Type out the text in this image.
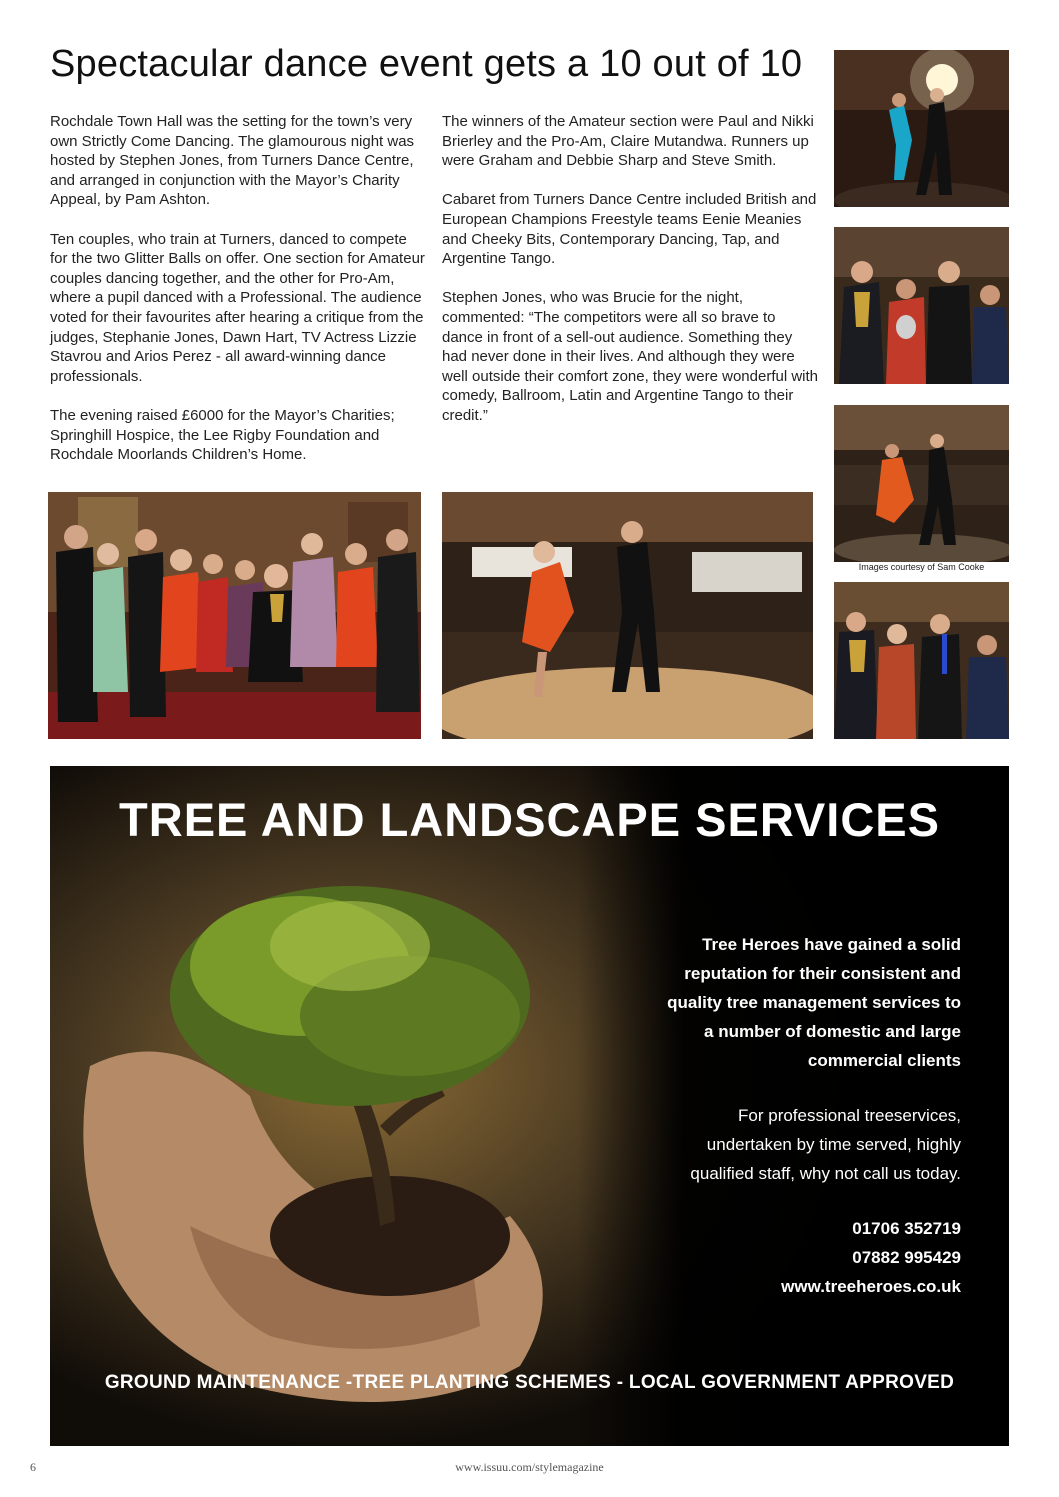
Spectacular dance event gets a 10 out of 10

Rochdale Town Hall was the setting for the town’s very own Strictly Come Dancing. The glamourous night was hosted by Stephen Jones, from Turners Dance Centre, and arranged in conjunction with the Mayor’s Charity Appeal, by Pam Ashton.

Ten couples, who train at Turners, danced to compete for the two Glitter Balls on offer. One section for Amateur couples dancing together, and the other for Pro-Am, where a pupil danced with a Professional. The audience voted for their favourites after hearing a critique from the judges, Stephanie Jones, Dawn Hart, TV Actress Lizzie Stavrou and Arios Perez - all award-winning dance professionals.

The evening raised £6000 for the Mayor’s Charities; Springhill Hospice, the Lee Rigby Foundation and Rochdale Moorlands Children’s Home.

The winners of the Amateur section were Paul and Nikki Brierley and the Pro-Am, Claire Mutandwa. Runners up were Graham and Debbie Sharp and Steve Smith.

Cabaret from Turners Dance Centre included British and European Champions Freestyle teams Eenie Meanies and Cheeky Bits, Contemporary Dancing, Tap, and Argentine Tango.

Stephen Jones, who was Brucie for the night, commented: “The competitors were all so brave to dance in front of a sell-out audience. Something they had never done in their lives. And although they were well outside their comfort zone, they were wonderful with comedy, Ballroom, Latin and Argentine Tango to their credit.”

Images courtesy of Sam Cooke
TREE AND LANDSCAPE SERVICES
Tree Heroes have gained a solid
reputation for their consistent and
quality tree management services to
a number of domestic and large
commercial clients
For professional treeservices,
undertaken by time served, highly
qualified staff, why not call us today.
01706 352719
07882 995429
www.treeheroes.co.uk
GROUND MAINTENANCE -TREE PLANTING SCHEMES - LOCAL GOVERNMENT APPROVED
6	www.issuu.com/stylemagazine
